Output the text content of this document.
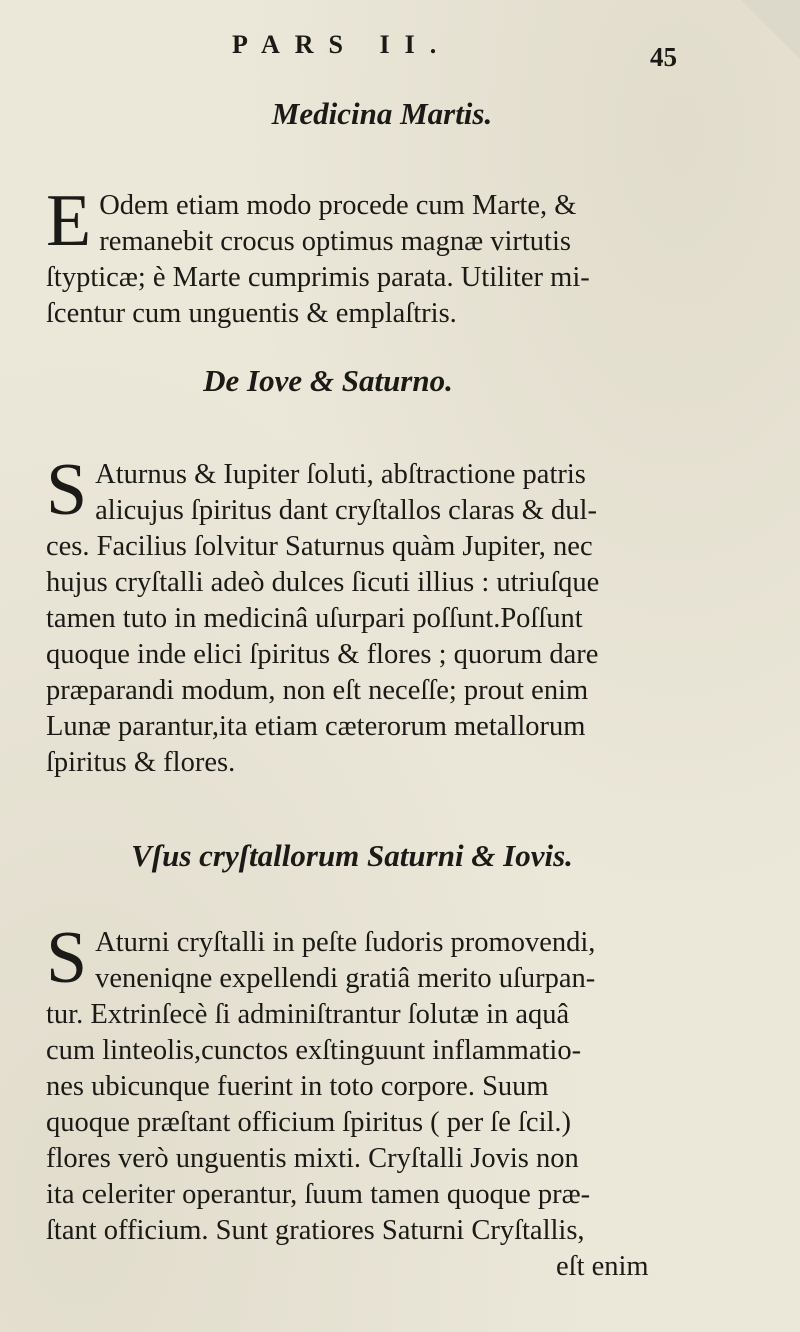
PARS II.	45
Medicina Martis.
E Odem etiam modo procede cum Marte, &
remanebit crocus optimus magnæ virtutis
ſtypticæ; è Marte cumprimis parata. Utiliter mi-
ſcentur cum unguentis & emplaſtris.
De Iove & Saturno.
S Aturnus & Iupiter ſoluti, abſtractione patris
alicujus ſpiritus dant cryſtallos claras & dul-
ces. Facilius ſolvitur Saturnus quàm Jupiter, nec
hujus cryſtalli adeò dulces ſicuti illius : utriuſque
tamen tuto in medicinâ uſurpari poſſunt.Poſſunt
quoque inde elici ſpiritus & flores ; quorum dare
præparandi modum, non eſt neceſſe; prout enim
Lunæ parantur,ita etiam cæterorum metallorum
ſpiritus & flores.
Vſus cryſtallorum Saturni & Iovis.
S Aturni cryſtalli in peſte ſudoris promovendi,
veneniqne expellendi gratiâ merito uſurpan-
tur. Extrinſecè ſi adminiſtrantur ſolutæ in aquâ
cum linteolis,cunctos exſtinguunt inflammatio-
nes ubicunque fuerint in toto corpore. Suum
quoque præſtant officium ſpiritus ( per ſe ſcil.)
flores verò unguentis mixti. Cryſtalli Jovis non
ita celeriter operantur, ſuum tamen quoque præ-
ſtant officium. Sunt gratiores Saturni Cryſtallis,
eſt enim
